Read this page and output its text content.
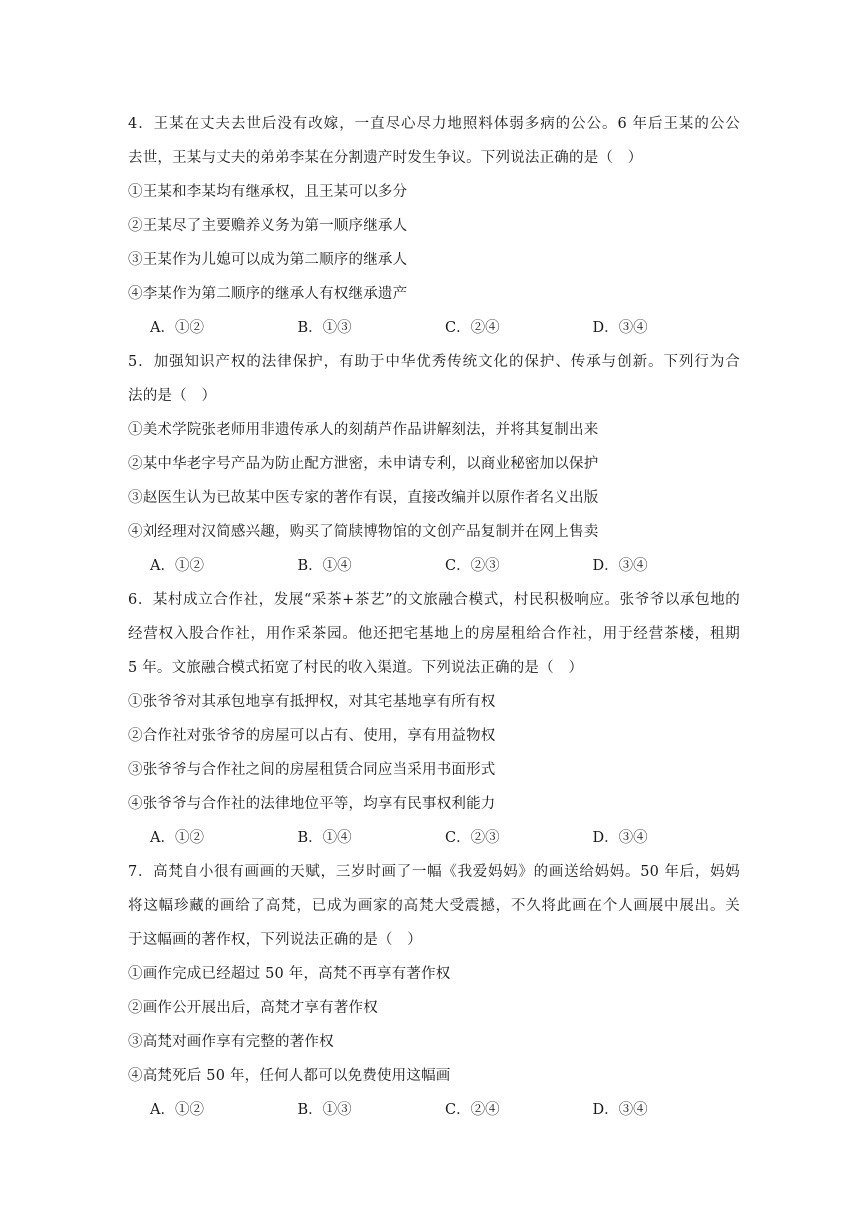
4．王某在丈夫去世后没有改嫁，一直尽心尽力地照料体弱多病的公公。6 年后王某的公公
去世，王某与丈夫的弟弟李某在分割遗产时发生争议。下列说法正确的是（　）
①王某和李某均有继承权，且王某可以多分
②王某尽了主要赡养义务为第一顺序继承人
③王某作为儿媳可以成为第二顺序的继承人
④李某作为第二顺序的继承人有权继承遗产
A．①②	B．①③	C．②④	D．③④
5．加强知识产权的法律保护，有助于中华优秀传统文化的保护、传承与创新。下列行为合
法的是（　）
①美术学院张老师用非遗传承人的刻葫芦作品讲解刻法，并将其复制出来
②某中华老字号产品为防止配方泄密，未申请专利，以商业秘密加以保护
③赵医生认为已故某中医专家的著作有误，直接改编并以原作者名义出版
④刘经理对汉简感兴趣，购买了简牍博物馆的文创产品复制并在网上售卖
A．①②	B．①④	C．②③	D．③④
6．某村成立合作社，发展“采茶+茶艺”的文旅融合模式，村民积极响应。张爷爷以承包地的
经营权入股合作社，用作采茶园。他还把宅基地上的房屋租给合作社，用于经营茶楼，租期
5 年。文旅融合模式拓宽了村民的收入渠道。下列说法正确的是（　）
①张爷爷对其承包地享有抵押权，对其宅基地享有所有权
②合作社对张爷爷的房屋可以占有、使用，享有用益物权
③张爷爷与合作社之间的房屋租赁合同应当采用书面形式
④张爷爷与合作社的法律地位平等，均享有民事权利能力
A．①②	B．①④	C．②③	D．③④
7．高梵自小很有画画的天赋，三岁时画了一幅《我爱妈妈》的画送给妈妈。50 年后，妈妈
将这幅珍藏的画给了高梵，已成为画家的高梵大受震撼，不久将此画在个人画展中展出。关
于这幅画的著作权，下列说法正确的是（　）
①画作完成已经超过 50 年，高梵不再享有著作权
②画作公开展出后，高梵才享有著作权
③高梵对画作享有完整的著作权
④高梵死后 50 年，任何人都可以免费使用这幅画
A．①②	B．①③	C．②④	D．③④
